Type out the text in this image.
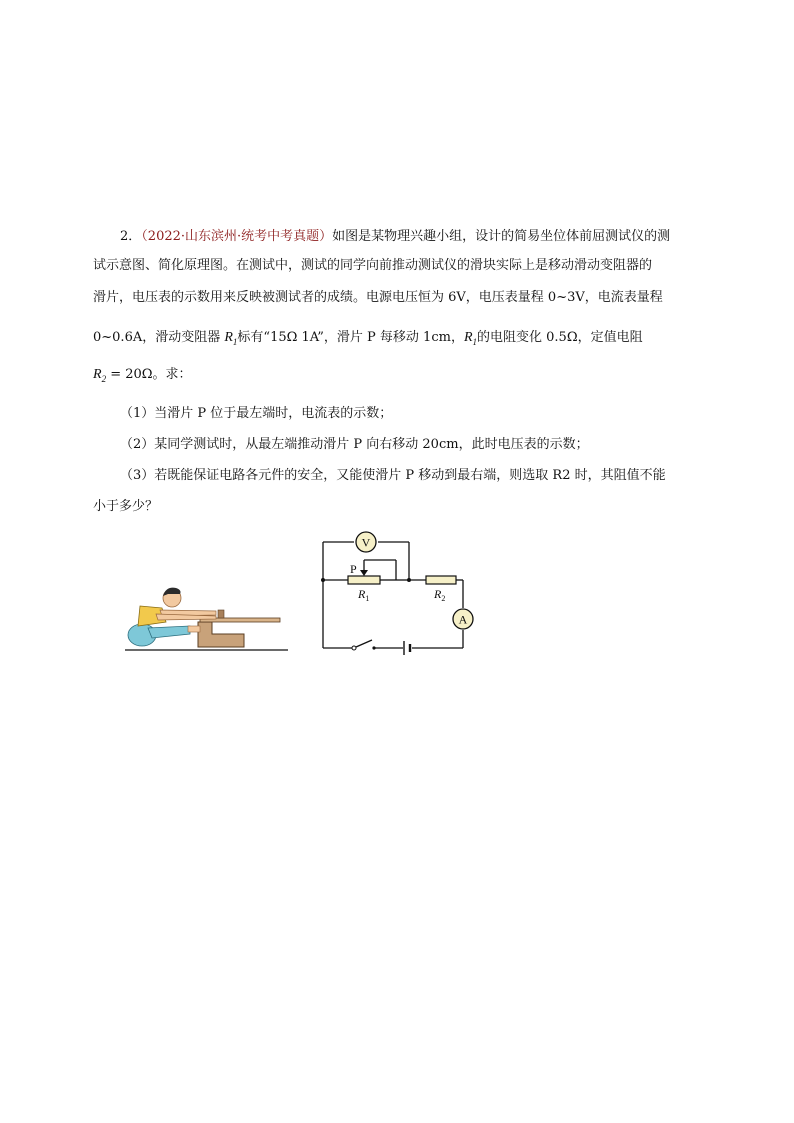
2．（2022·山东滨州·统考中考真题）如图是某物理兴趣小组，设计的简易坐位体前屈测试仪的测
试示意图、简化原理图。在测试中，测试的同学向前推动测试仪的滑块实际上是移动滑动变阻器的
滑片，电压表的示数用来反映被测试者的成绩。电源电压恒为 6V，电压表量程 0~3V，电流表量程
0~0.6A，滑动变阻器 $R_1$标有“15Ω 1A”，滑片 P 每移动 1cm，$R_1$的电阻变化 0.5Ω，定值电阻
$R_2 = 20\Omega$。求：
（1）当滑片 P 位于最左端时，电流表的示数；
（2）某同学测试时，从最左端推动滑片 P 向右移动 20cm，此时电压表的示数；
（3）若既能保证电路各元件的安全，又能使滑片 P 移动到最右端，则选取 R2 时，其阻值不能
小于多少？
V
A
P
$R_1$	$R_2$
